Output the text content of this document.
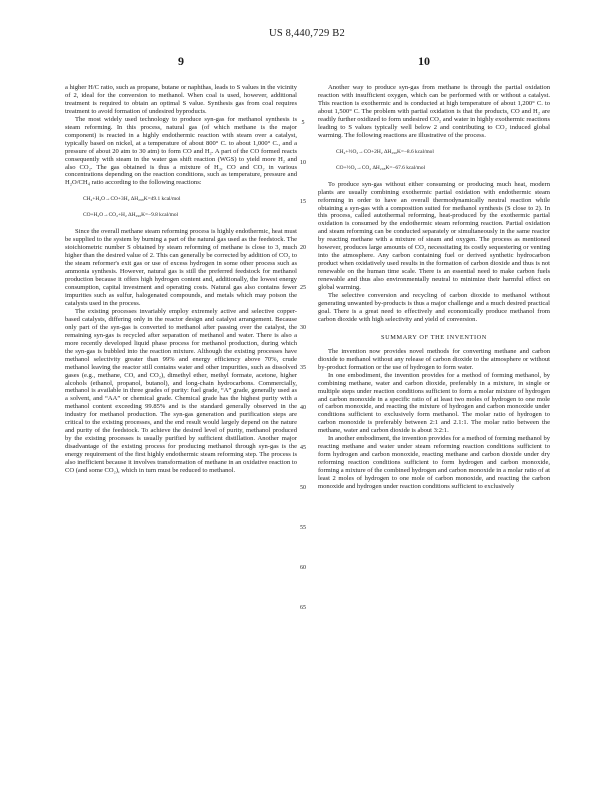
US 8,440,729 B2
9	10

a higher H/C ratio, such as propane, butane or naphthas, leads to S values in the vicinity of 2, ideal for the conversion to methanol. When coal is used, however, additional treatment is required to obtain an optimal S value. Synthesis gas from coal requires treatment to avoid formation of undesired byproducts.

The most widely used technology to produce syn-gas for methanol synthesis is steam reforming. In this process, natural gas (of which methane is the major component) is reacted in a highly endothermic reaction with steam over a catalyst, typically based on nickel, at a temperature of about 800° C. to about 1,000° C., and a pressure of about 20 atm to 30 atm) to form CO and H₂. A part of the CO formed reacts consequently with steam in the water gas shift reaction (WGS) to yield more H₂ and also CO₂. The gas obtained is thus a mixture of H₂, CO and CO₂ in various concentrations depending on the reaction conditions, such as temperature, pressure and H₂O/CH₄ ratio according to the following reactions:

CH₄+H₂O→CO+3H₂ ΔH₂₉₈K=49.1 kcal/mol
CO+H₂O→CO₂+H₂ ΔH₂₉₈K=−9.8 kcal/mol

Since the overall methane steam reforming process is highly endothermic, heat must be supplied to the system by burning a part of the natural gas used as the feedstock. The stoichiometric number S obtained by steam reforming of methane is close to 3, much higher than the desired value of 2. This can generally be corrected by addition of CO₂ to the steam reformer's exit gas or use of excess hydrogen in some other process such as ammonia synthesis. However, natural gas is still the preferred feedstock for methanol production because it offers high hydrogen content and, additionally, the lowest energy consumption, capital investment and operating costs. Natural gas also contains fewer impurities such as sulfur, halogenated compounds, and metals which may poison the catalysts used in the process.

The existing processes invariably employ extremely active and selective copper-based catalysts, differing only in the reactor design and catalyst arrangement. Because only part of the syn-gas is converted to methanol after passing over the catalyst, the remaining syn-gas is recycled after separation of methanol and water. There is also a more recently developed liquid phase process for methanol production, during which the syn-gas is bubbled into the reaction mixture. Although the existing processes have methanol selectivity greater than 99% and energy efficiency above 70%, crude methanol leaving the reactor still contains water and other impurities, such as dissolved gases (e.g., methane, CO, and CO₂), dimethyl ether, methyl formate, acetone, higher alcohols (ethanol, propanol, butanol), and long-chain hydrocarbons. Commercially, methanol is available in three grades of purity: fuel grade, “A” grade, generally used as a solvent, and “AA” or chemical grade. Chemical grade has the highest purity with a methanol content exceeding 99.85% and is the standard generally observed in the industry for methanol production. The syn-gas generation and purification steps are critical to the existing processes, and the end result would largely depend on the nature and purity of the feedstock. To achieve the desired level of purity, methanol produced by the existing processes is usually purified by sufficient distillation. Another major disadvantage of the existing process for producing methanol through syn-gas is the energy requirement of the first highly endothermic steam reforming step. The process is also inefficient because it involves transformation of methane in an oxidative reaction to CO (and some CO₂), which in turn must be reduced to methanol.

Another way to produce syn-gas from methane is through the partial oxidation reaction with insufficient oxygen, which can be performed with or without a catalyst. This reaction is exothermic and is conducted at high temperature of about 1,200° C. to about 1,500° C. The problem with partial oxidation is that the products, CO and H₂ are readily further oxidized to form undesired CO₂ and water in highly exothermic reactions leading to S values typically well below 2 and contributing to CO₂ induced global warming. The following reactions are illustrative of the process.

CH₄+½O₂→CO+2H₂ ΔH₂₉₈K=−8.6 kcal/mol
CO+½O₂→CO₂ ΔH₂₉₈K=−67.6 kcal/mol

To produce syn-gas without either consuming or producing much heat, modern plants are usually combining exothermic partial oxidation with endothermic steam reforming in order to have an overall thermodynamically neutral reaction while obtaining a syn-gas with a composition suited for methanol synthesis (S close to 2). In this process, called autothermal reforming, heat-produced by the exothermic partial oxidation is consumed by the endothermic steam reforming reaction. Partial oxidation and steam reforming can be conducted separately or simultaneously in the same reactor by reacting methane with a mixture of steam and oxygen. The process as mentioned however, produces large amounts of CO₂ necessitating its costly sequestering or venting into the atmosphere. Any carbon containing fuel or derived synthetic hydrocarbon product when oxidatively used results in the formation of carbon dioxide and thus is not renewable on the human time scale. There is an essential need to make carbon fuels renewable and thus also environmentally neutral to minimize their harmful effect on global warming.

The selective conversion and recycling of carbon dioxide to methanol without generating unwanted by-products is thus a major challenge and a much desired practical goal. There is a great need to effectively and economically produce methanol from carbon dioxide with high selectivity and yield of conversion.

SUMMARY OF THE INVENTION

The invention now provides novel methods for converting methane and carbon dioxide to methanol without any release of carbon dioxide to the atmosphere or without by-product formation or the use of hydrogen to form water.

In one embodiment, the invention provides for a method of forming methanol, by combining methane, water and carbon dioxide, preferably in a mixture, in single or multiple steps under reaction conditions sufficient to form a molar mixture of hydrogen and carbon monoxide in a specific ratio of at least two moles of hydrogen to one mole of carbon monoxide, and reacting the mixture of hydrogen and carbon monoxide under conditions sufficient to exclusively form methanol. The molar ratio of hydrogen to carbon monoxide is preferably between 2:1 and 2.1:1. The molar ratio between the methane, water and carbon dioxide is about 3:2:1.

In another embodiment, the invention provides for a method of forming methanol by reacting methane and water under steam reforming reaction conditions sufficient to form hydrogen and carbon monoxide, reacting methane and carbon dioxide under dry reforming reaction conditions sufficient to form hydrogen and carbon monoxide, forming a mixture of the combined hydrogen and carbon monoxide in a molar ratio of at least 2 moles of hydrogen to one mole of carbon monoxide, and reacting the carbon monoxide and hydrogen under reaction conditions sufficient to exclusively

5
10
15
20
25
30
35
40
45
50
55
60
65
